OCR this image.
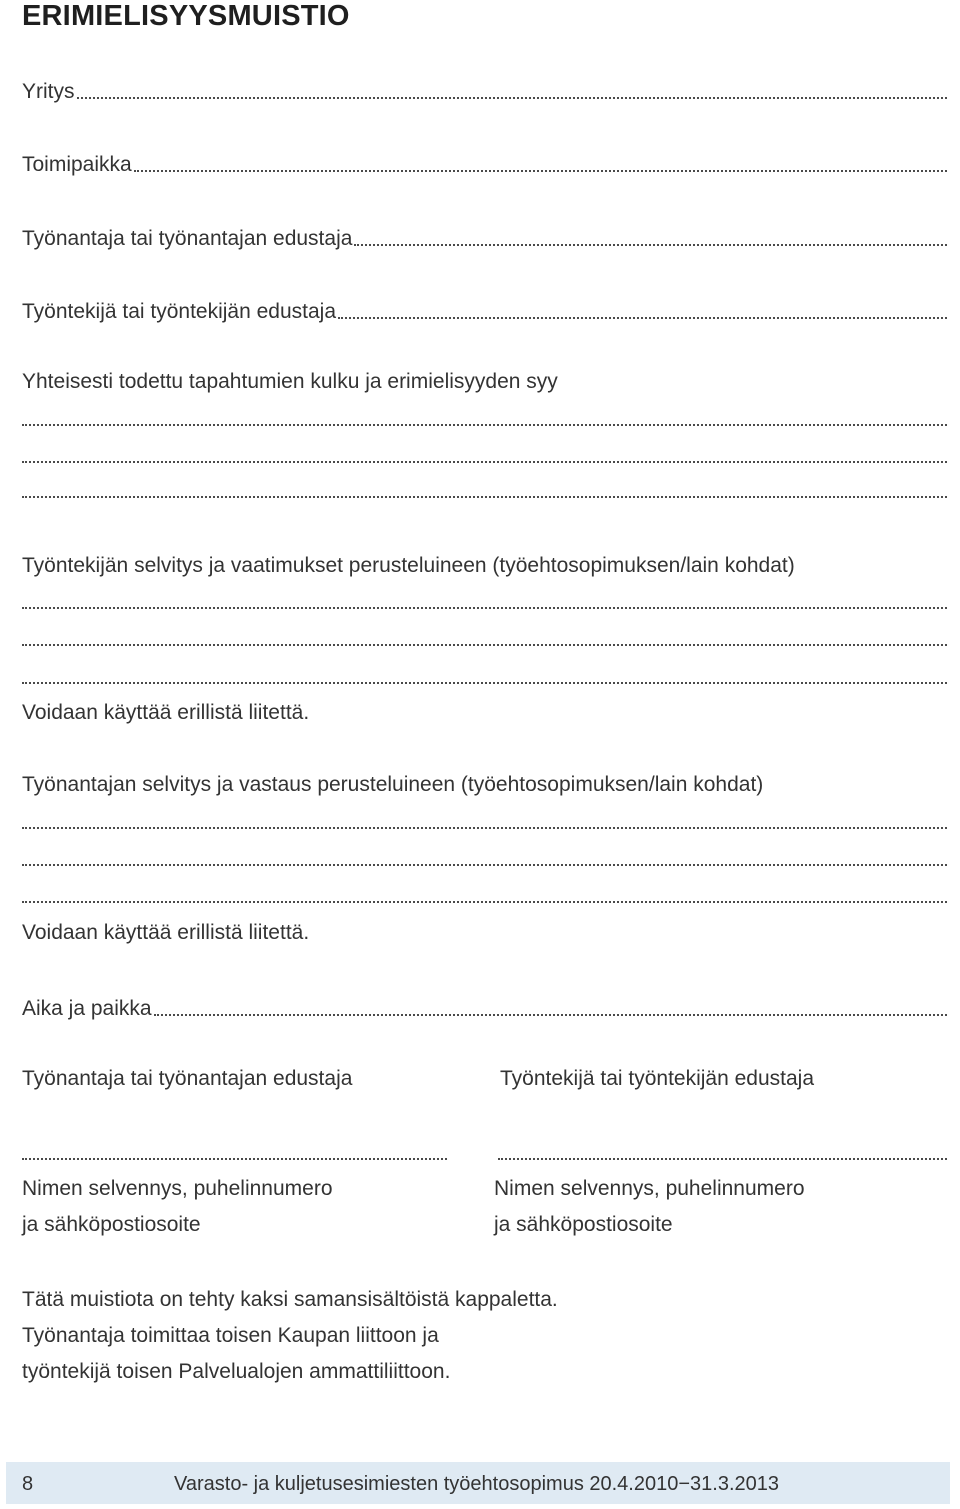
ERIMIELISYYSMUISTIO
Yritys
Toimipaikka
Työnantaja tai työnantajan edustaja
Työntekijä tai työntekijän edustaja
Yhteisesti todettu tapahtumien kulku ja erimielisyyden syy
Työntekijän selvitys ja vaatimukset perusteluineen (työehtosopimuksen/lain kohdat)
Voidaan käyttää erillistä liitettä.
Työnantajan selvitys ja vastaus perusteluineen (työehtosopimuksen/lain kohdat)
Voidaan käyttää erillistä liitettä.
Aika ja paikka
Työnantaja tai työnantajan edustaja	Työntekijä tai työntekijän edustaja
Nimen selvennys, puhelinnumero
ja sähköpostiosoite
Nimen selvennys, puhelinnumero
ja sähköpostiosoite
Tätä muistiota on tehty kaksi samansisältöistä kappaletta.
Työnantaja toimittaa toisen Kaupan liittoon ja
työntekijä toisen Palvelualojen ammattiliittoon.
8	Varasto- ja kuljetusesimiesten työehtosopimus 20.4.2010−31.3.2013
